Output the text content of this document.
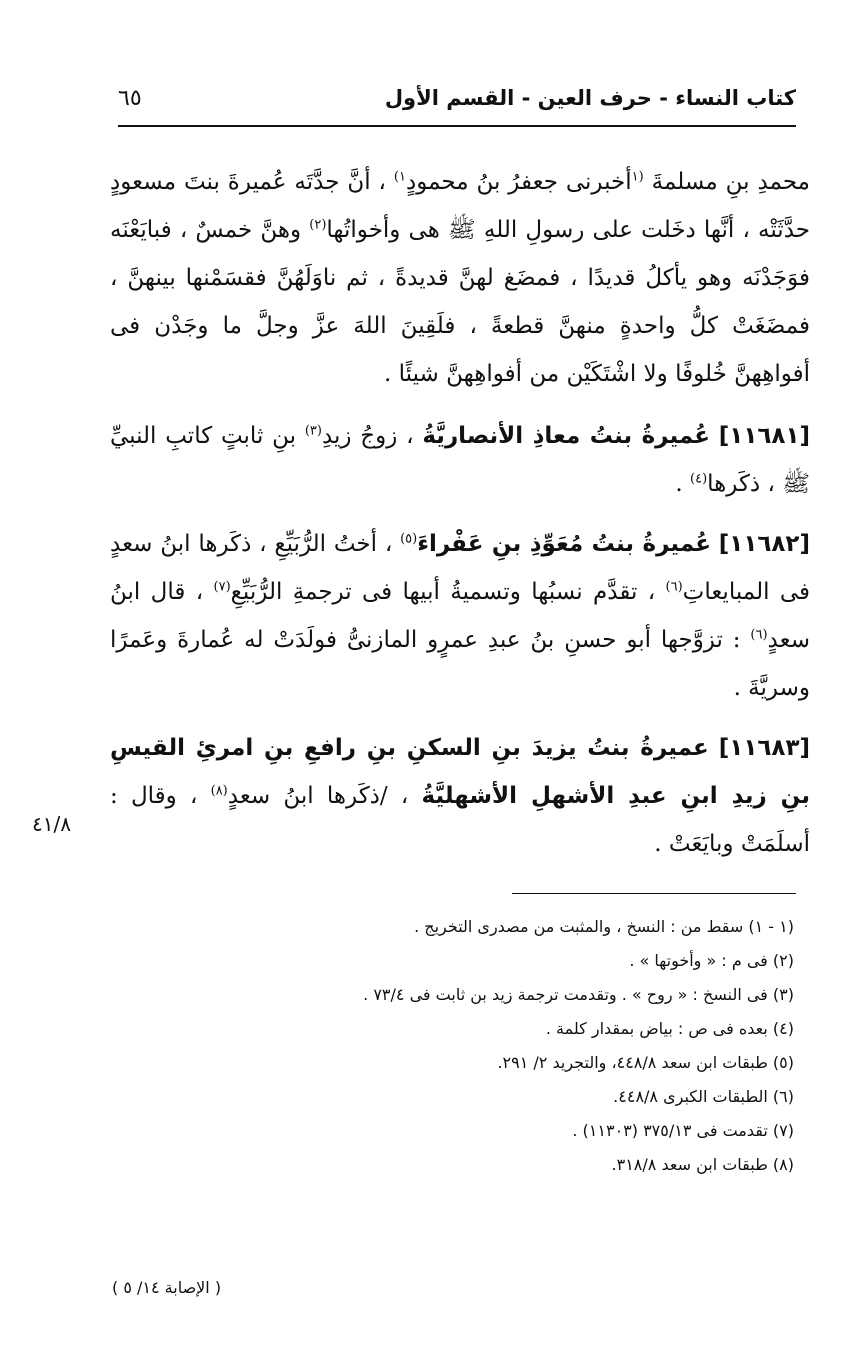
كتاب النساء - حرف العين - القسم الأول
٦٥

محمدِ بنِ مسلمةَ $^{(١}$أخبرنى جعفرُ بنُ محمودٍ$^{١)}$ ، أنَّ جدَّتَه عُميرةَ بنتَ مسعودٍ حدَّثَتْه ، أنَّها دخَلت على رسولِ اللهِ ﷺ هى وأخواتُها$^{(٢)}$ وهنَّ خمسٌ ، فبايَعْنَه فوَجَدْنَه وهو يأكلُ قديدًا ، فمضَغ لهنَّ قديدةً ، ثم ناوَلَهُنَّ فقسَمْنها بينهنَّ ، فمضَغَتْ كلُّ واحدةٍ منهنَّ قطعةً ، فلَقِينَ اللهَ عزَّ وجلَّ ما وجَدْن فى أفواهِهنَّ خُلوفًا ولا اشْتَكَيْن من أفواهِهنَّ شيئًا .

[١١٦٨١] عُميرةُ بنتُ معاذِ الأنصاريَّةُ ، زوجُ زيدِ$^{(٣)}$ بنِ ثابتٍ كاتبِ النبيِّ ﷺ ، ذكَرها$^{(٤)}$ .

[١١٦٨٢] عُميرةُ بنتُ مُعَوِّذِ بنِ عَفْراءَ$^{(٥)}$ ، أختُ الرُّبَيِّعِ ، ذكَرها ابنُ سعدٍ فى المبايعاتِ$^{(٦)}$ ، تقدَّم نسبُها وتسميةُ أبيها فى ترجمةِ الرُّبَيِّعِ$^{(٧)}$ ، قال ابنُ سعدٍ$^{(٦)}$ : تزوَّجها أبو حسنِ بنُ عبدِ عمرٍو المازنىُّ فولَدَتْ له عُمارةَ وعَمرًا وسريَّةَ .

[١١٦٨٣] عميرةُ بنتُ يزيدَ بنِ السكنِ بنِ رافعِ بنِ امرئِ القيسِ بنِ زيدِ ابنِ عبدِ الأشهلِ الأشهليَّةُ ، /ذكَرها ابنُ سعدٍ$^{(٨)}$ ، وقال : أسلَمَتْ وبايَعَتْ .

٤١/٨
(١ - ١) سقط من : النسخ ، والمثبت من مصدرى التخريج .
(٢) فى م : « وأخوتها » .
(٣) فى النسخ : « روح » . وتقدمت ترجمة زيد بن ثابت فى ٧٣/٤ .
(٤) بعده فى ص : بياض بمقدار كلمة .
(٥) طبقات ابن سعد ٤٤٨/٨، والتجريد ٢/ ٢٩١.
(٦) الطبقات الكبرى ٤٤٨/٨.
(٧) تقدمت فى ٣٧٥/١٣ (١١٣٠٣) .
(٨) طبقات ابن سعد ٣١٨/٨.
( الإصابة ١٤/ ٥ )
